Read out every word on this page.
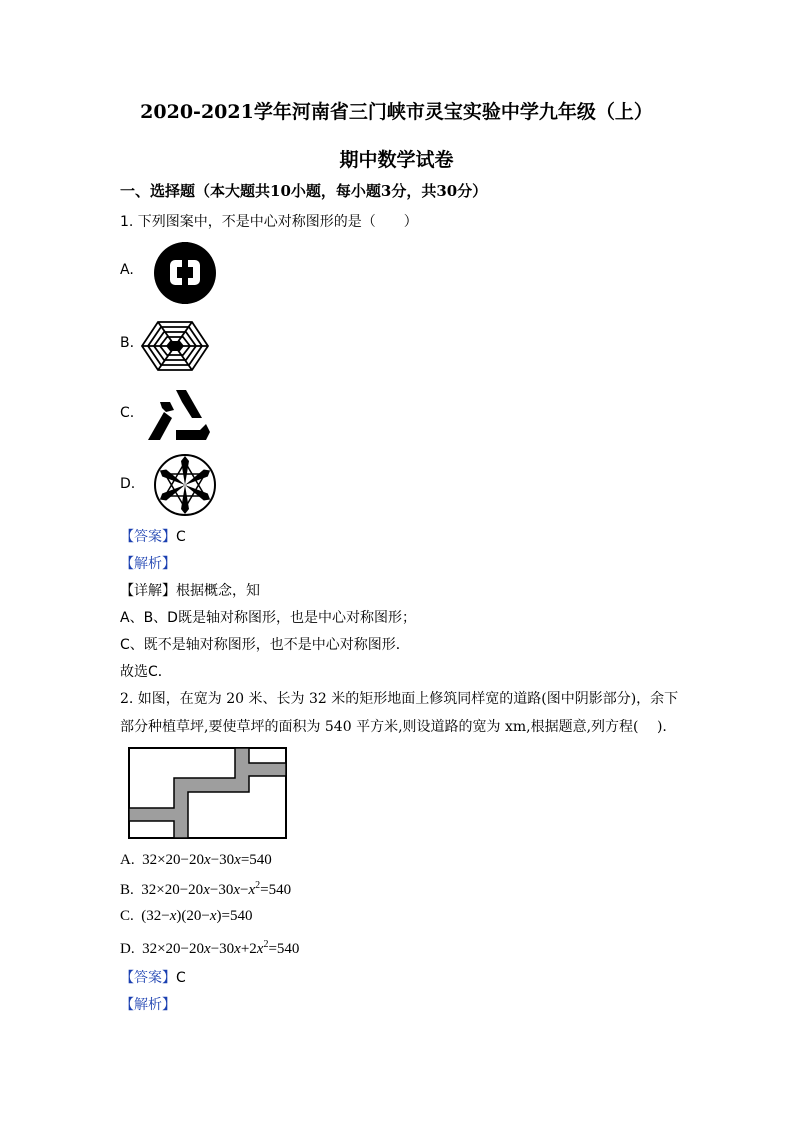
2020-2021学年河南省三门峡市灵宝实验中学九年级（上）
期中数学试卷
一、选择题（本大题共10小题，每小题3分，共30分）
1. 下列图案中，不是中心对称图形的是（　　）
A.
B.
C.
D.
【答案】C
【解析】
【详解】根据概念，知
A、B、D既是轴对称图形，也是中心对称图形；
C、既不是轴对称图形，也不是中心对称图形．
故选C．
2. 如图，在宽为 20 米、长为 32 米的矩形地面上修筑同样宽的道路(图中阴影部分)，余下
部分种植草坪,要使草坪的面积为 540 平方米,则设道路的宽为 xm,根据题意,列方程(　 ).
A. 32×20−20x−30x=540
B. $32\times 20-20x-30x-x^2=540$
C. (32−x)(20−x)=540
D. $32\times 20-20x-30x+2x^2=540$
【答案】C
【解析】
